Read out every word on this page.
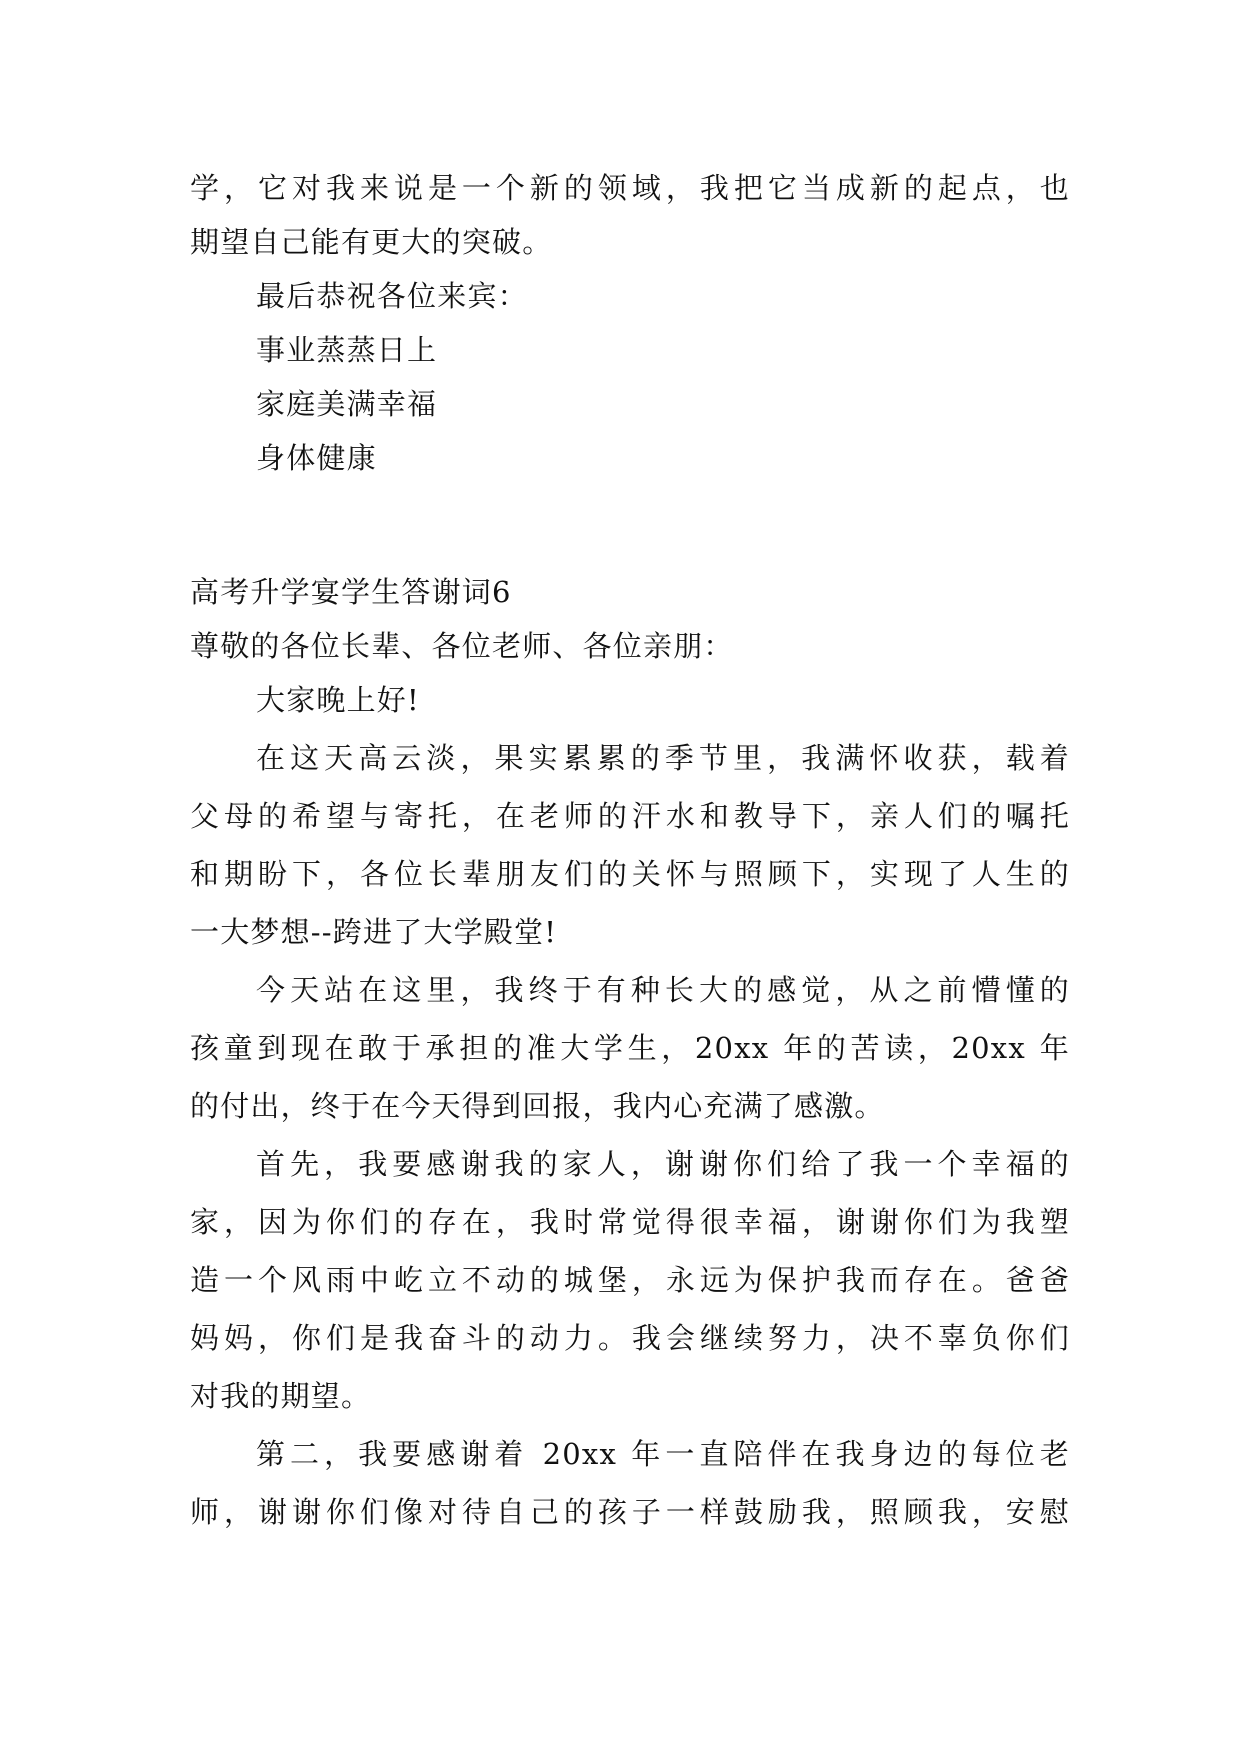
学，它对我来说是一个新的领域，我把它当成新的起点，也
期望自己能有更大的突破。
最后恭祝各位来宾：
事业蒸蒸日上
家庭美满幸福
身体健康
高考升学宴学生答谢词6
尊敬的各位长辈、各位老师、各位亲朋：
大家晚上好!
在这天高云淡，果实累累的季节里，我满怀收获，载着
父母的希望与寄托，在老师的汗水和教导下，亲人们的嘱托
和期盼下，各位长辈朋友们的关怀与照顾下，实现了人生的
一大梦想--跨进了大学殿堂!
今天站在这里，我终于有种长大的感觉，从之前懵懂的
孩童到现在敢于承担的准大学生，20xx 年的苦读，20xx 年
的付出，终于在今天得到回报，我内心充满了感激。
首先，我要感谢我的家人，谢谢你们给了我一个幸福的
家，因为你们的存在，我时常觉得很幸福，谢谢你们为我塑
造一个风雨中屹立不动的城堡，永远为保护我而存在。爸爸
妈妈，你们是我奋斗的动力。我会继续努力，决不辜负你们
对我的期望。
第二，我要感谢着 20xx 年一直陪伴在我身边的每位老
师，谢谢你们像对待自己的孩子一样鼓励我，照顾我，安慰
